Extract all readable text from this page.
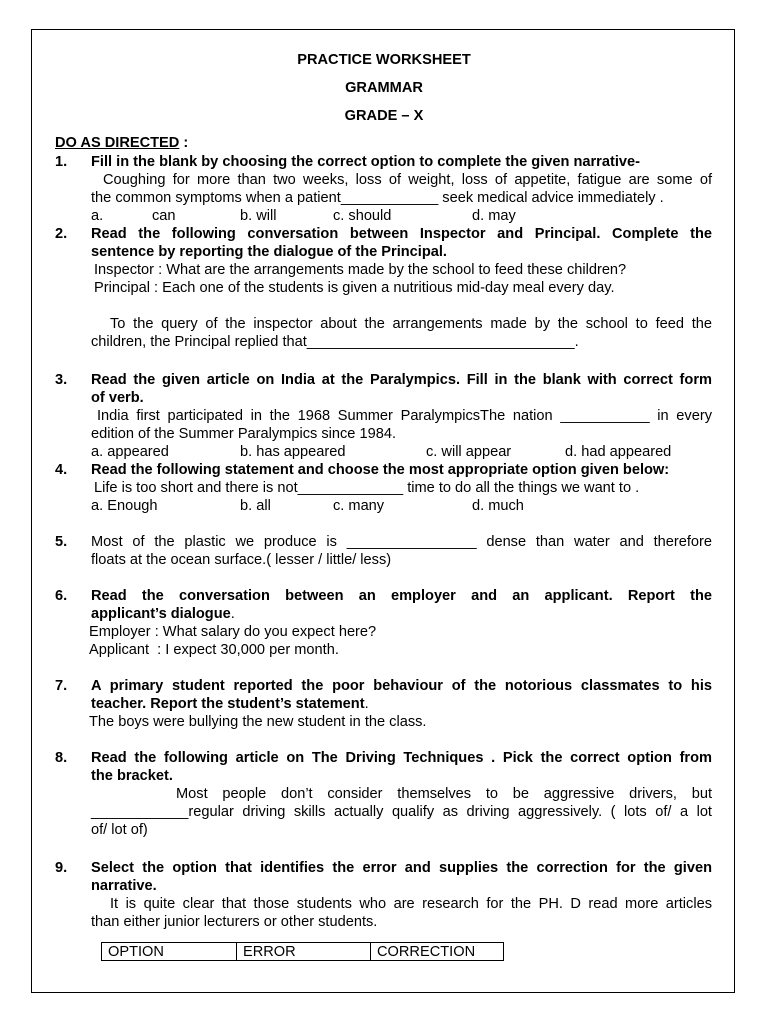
PRACTICE WORKSHEET
GRAMMAR
GRADE – X
DO AS DIRECTED :
1. Fill in the blank by choosing the correct option to complete the given narrative-
Coughing for more than two weeks, loss of weight, loss of appetite, fatigue are some of
the common symptoms when a patient____________ seek medical advice immediately .
a.	can	b. will	c. should	d. may
2. Read the following conversation between Inspector and Principal. Complete the
sentence by reporting the dialogue of the Principal.
Inspector : What are the arrangements made by the school to feed these children?
Principal : Each one of the students is given a nutritious mid-day meal every day.
To the query of the inspector about the arrangements made by the school to feed the
children, the Principal replied that_________________________________.
3. Read the given article on India at the Paralympics. Fill in the blank with correct form
of verb.
India first participated in the 1968 Summer ParalympicsThe nation ___________ in every
edition of the Summer Paralympics since 1984.
a. appeared	b. has appeared	c. will appear	d. had appeared
4. Read the following statement and choose the most appropriate option given below:
Life is too short and there is not_____________ time to do all the things we want to .
a. Enough	b. all	c. many	d. much
5. Most of the plastic we produce is ________________ dense than water and therefore
floats at the ocean surface.( lesser / little/ less)
6. Read the conversation between an employer and an applicant. Report the
applicant’s dialogue.
Employer : What salary do you expect here?
Applicant  : I expect 30,000 per month.
7. A primary student reported the poor behaviour of the notorious classmates to his
teacher. Report the student’s statement.
The boys were bullying the new student in the class.
8. Read the following article on The Driving Techniques . Pick the correct option from
the bracket.
Most people don’t consider themselves to be aggressive drivers, but
____________regular driving skills actually qualify as driving aggressively. ( lots of/ a lot
of/ lot of)
9. Select the option that identifies the error and supplies the correction for the given
narrative.
It is quite clear that those students who are research for the PH. D read more articles
than either junior lecturers or other students.
OPTION	ERROR	CORRECTION
